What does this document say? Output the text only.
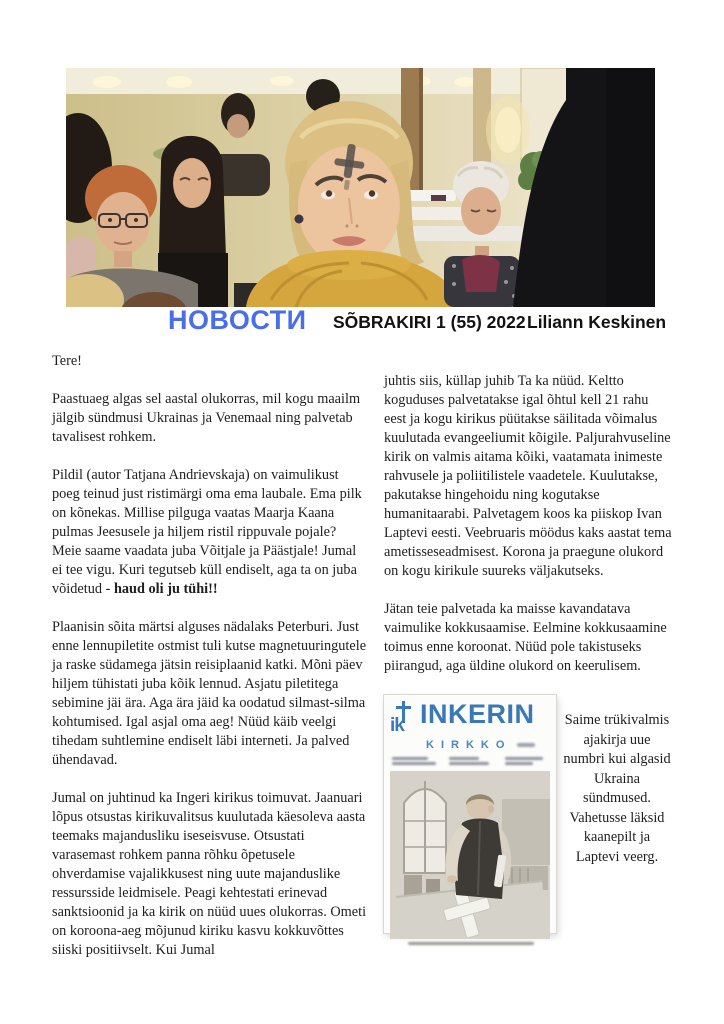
НОВОСТИ SÕBRAKIRI 1 (55) 2022 Liliann Keskinen

Tere!

Paastuaeg algas sel aastal olukorras, mil kogu maailm jälgib sündmusi Ukrainas ja Venemaal ning palvetab tavalisest rohkem.

Pildil (autor Tatjana Andrievskaja) on vaimulikust poeg teinud just ristimärgi oma ema laubale. Ema pilk on kõnekas. Millise pilguga vaatas Maarja Kaana pulmas Jeesusele ja hiljem ristil rippuvale pojale? Meie saame vaadata juba Võitjale ja Päästjale! Jumal ei tee vigu. Kuri tegutseb küll endiselt, aga ta on juba võidetud - haud oli ju tühi!!

Plaanisin sõita märtsi alguses nädalaks Peterburi. Just enne lennupiletite ostmist tuli kutse magnetuuringutele ja raske südamega jätsin reisiplaanid katki. Mõni päev hiljem tühistati juba kõik lennud. Asjatu piletitega sebimine jäi ära. Aga ära jäid ka oodatud silmast-silma kohtumised. Igal asjal oma aeg! Nüüd käib veelgi tihedam suhtlemine endiselt läbi interneti. Ja palved ühendavad.

Jumal on juhtinud ka Ingeri kirikus toimuvat. Jaanuari lõpus otsustas kirikuvalitsus kuulutada käesoleva aasta teemaks majandusliku iseseisvuse. Otsustati varasemast rohkem panna rõhku õpetusele ohverdamise vajalikkusest ning uute majanduslike ressursside leidmisele. Peagi kehtestati erinevad sanktsioonid ja ka kirik on nüüd uues olukorras. Ometi on koroona-aeg mõjunud kiriku kasvu kokkuvõttes siiski positiivselt. Kui Jumal

juhtis siis, küllap juhib Ta ka nüüd. Keltto koguduses palvetatakse igal õhtul kell 21 rahu eest ja kogu kirikus püütakse säilitada võimalus kuulutada evangeeliumit kõigile. Paljurahvuseline kirik on valmis aitama kõiki, vaatamata inimeste rahvusele ja poliitilistele vaadetele. Kuulutakse, pakutakse hingehoidu ning kogutakse humanitaarabi. Palvetagem koos ka piiskop Ivan Laptevi eesti. Veebruaris möödus kaks aastat tema ametisseseadmisest. Korona ja praegune olukord on kogu kirikule suureks väljakutseks.

Jätan teie palvetada ka maisse kavandatava vaimulike kokkusaamise. Eelmine kokkusaamine toimus enne koroonat. Nüüd pole takistuseks piirangud, aga üldine olukord on keerulisem.

ik INKERIN
KIRKKO
Saime trükivalmis ajakirja uue numbri kui algasid Ukraina sündmused. Vahetusse läksid kaanepilt ja Laptevi veerg.
